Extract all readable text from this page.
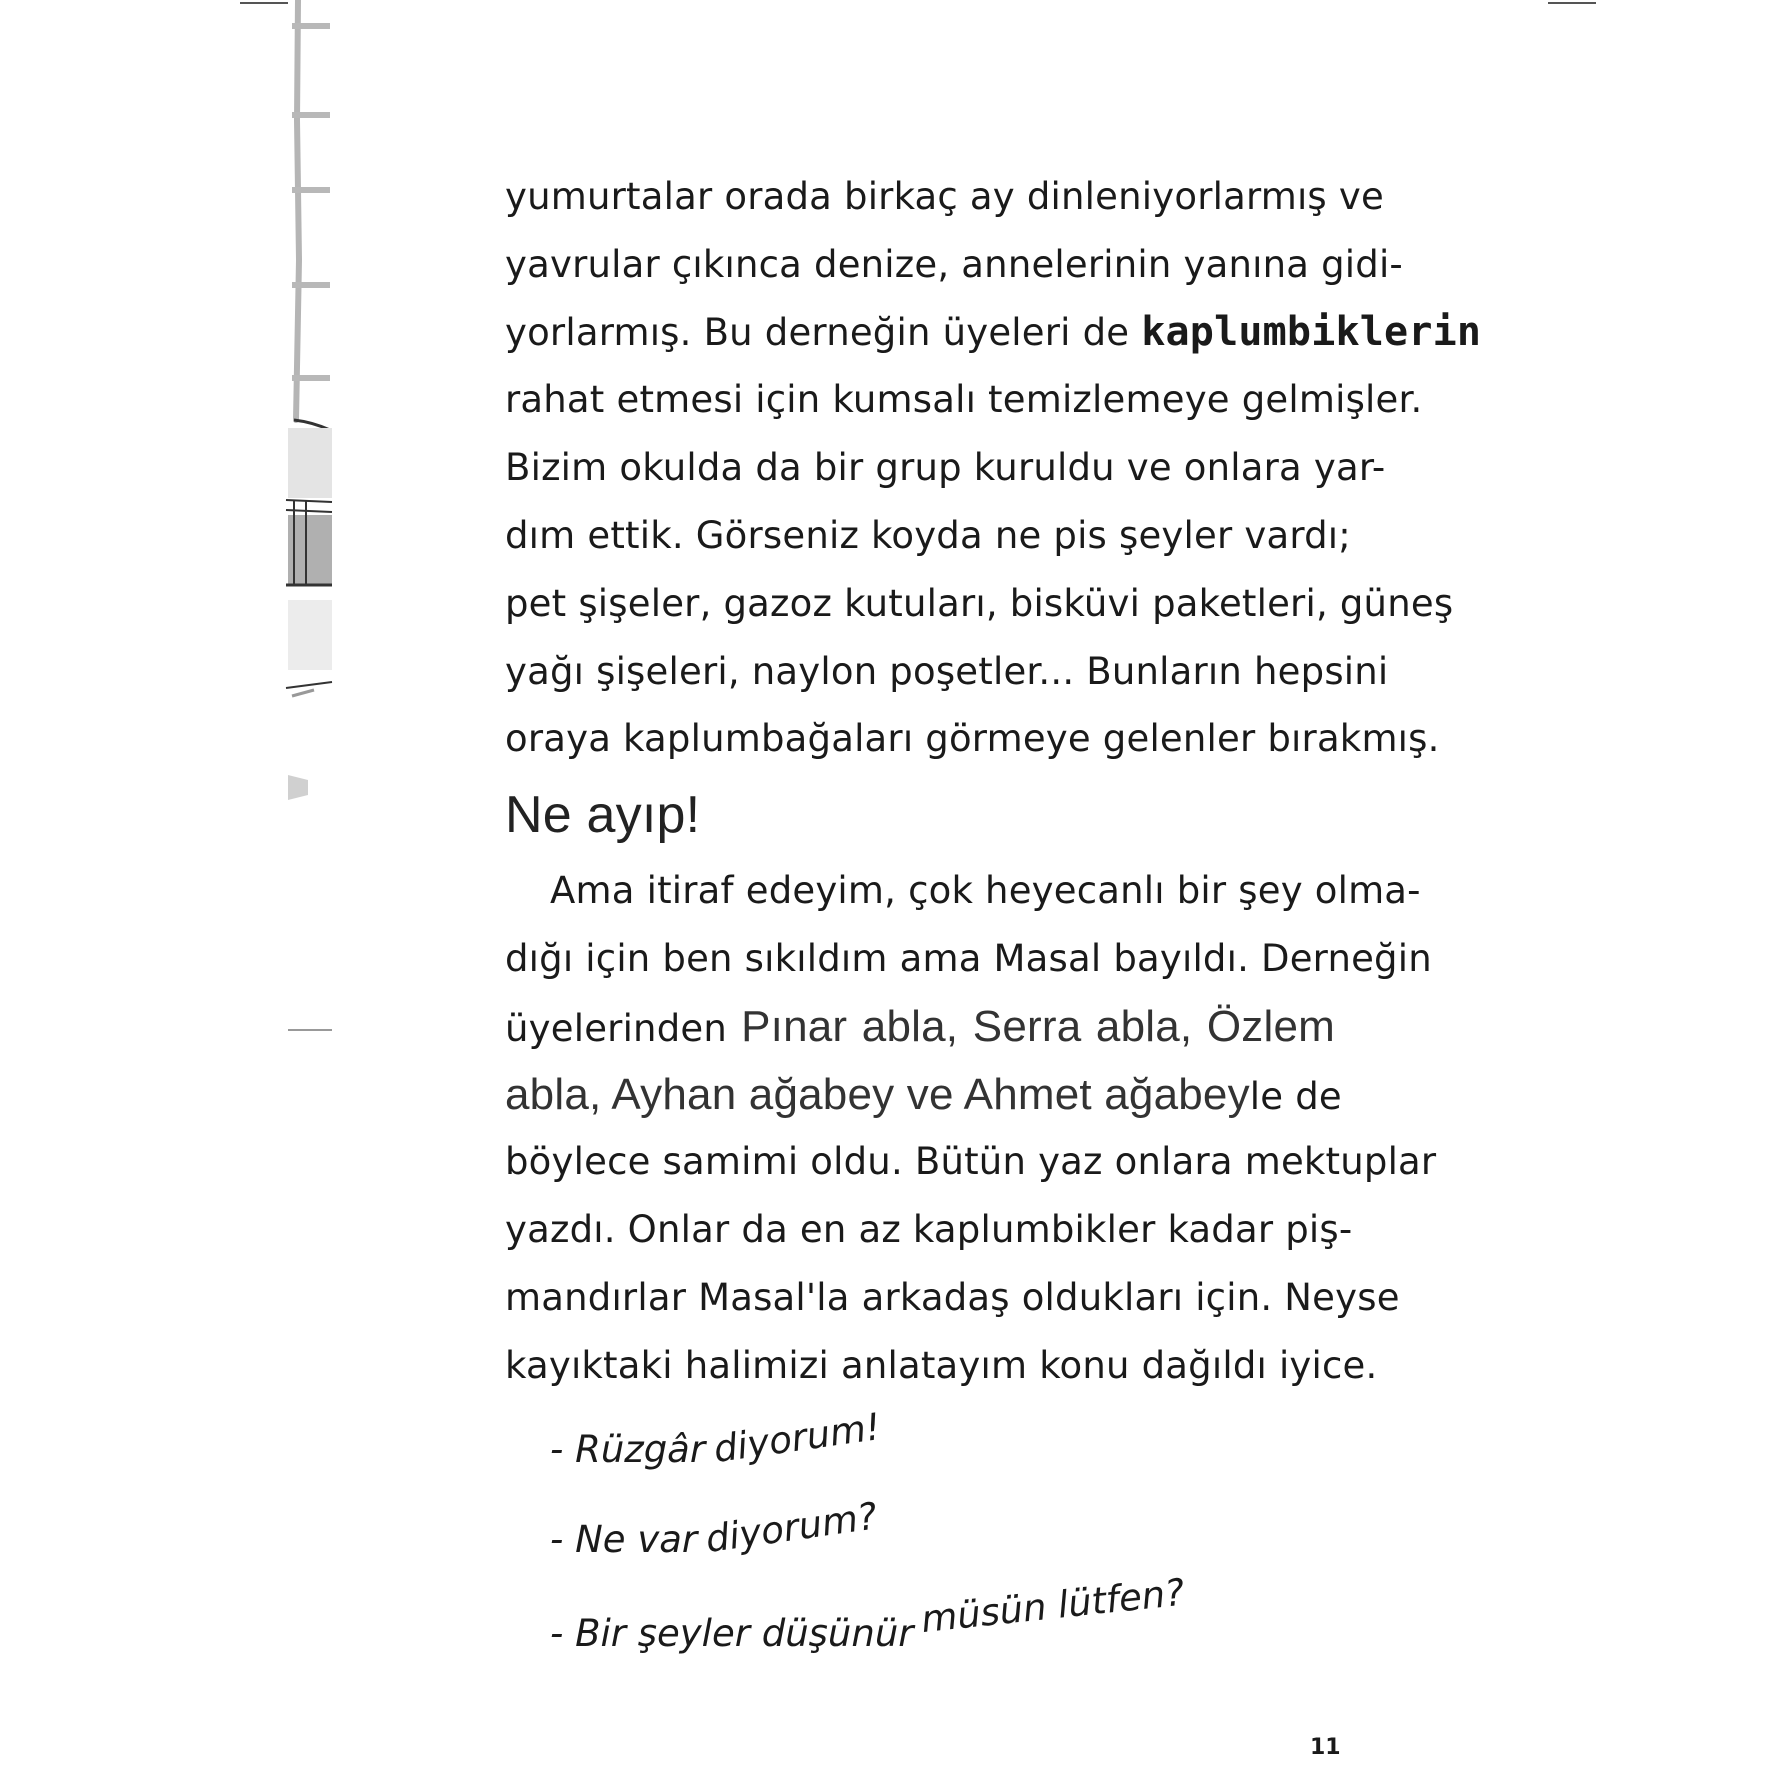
yumurtalar orada birkaç ay dinleniyorlarmış ve
yavrular çıkınca denize, annelerinin yanına gidi-
yorlarmış. Bu derneğin üyeleri de kaplumbiklerin
rahat etmesi için kumsalı temizlemeye gelmişler.
Bizim okulda da bir grup kuruldu ve onlara yar-
dım ettik. Görseniz koyda ne pis şeyler vardı;
pet şişeler, gazoz kutuları, bisküvi paketleri, güneş
yağı şişeleri, naylon poşetler... Bunların hepsini
oraya kaplumbağaları görmeye gelenler bırakmış.
Ne ayıp!
Ama itiraf edeyim, çok heyecanlı bir şey olma-
dığı için ben sıkıldım ama Masal bayıldı. Derneğin
üyelerinden Pınar abla, Serra abla, Özlem
abla, Ayhan ağabey ve Ahmet ağabeyle de
böylece samimi oldu. Bütün yaz onlara mektuplar
yazdı. Onlar da en az kaplumbikler kadar piş-
mandırlar Masal'la arkadaş oldukları için. Neyse
kayıktaki halimizi anlatayım konu dağıldı iyice.
- Rüzgâr diyorum!
- Ne var diyorum?
- Bir şeyler düşünür müsün lütfen?
11
